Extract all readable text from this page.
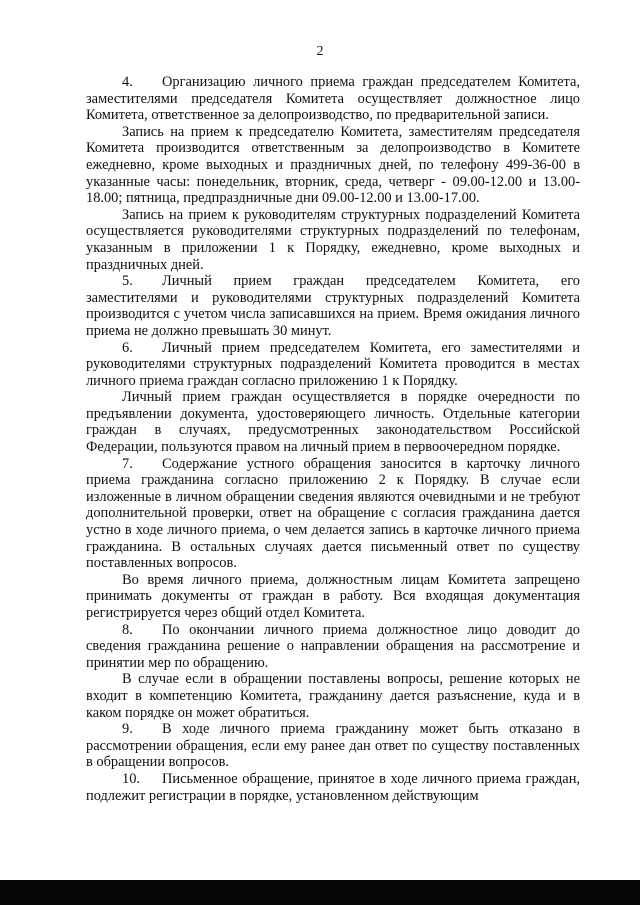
2

4. Организацию личного приема граждан председателем Комитета, заместителями председателя Комитета осуществляет должностное лицо Комитета, ответственное за делопроизводство, по предварительной записи.

Запись на прием к председателю Комитета, заместителям председателя Комитета производится ответственным за делопроизводство в Комитете ежедневно, кроме выходных и праздничных дней, по телефону 499-36-00 в указанные часы: понедельник, вторник, среда, четверг - 09.00-12.00 и 13.00-18.00; пятница, предпраздничные дни 09.00-12.00 и 13.00-17.00.

Запись на прием к руководителям структурных подразделений Комитета осуществляется руководителями структурных подразделений по телефонам, указанным в приложении 1 к Порядку, ежедневно, кроме выходных и праздничных дней.

5. Личный прием граждан председателем Комитета, его заместителями и руководителями структурных подразделений Комитета производится с учетом числа записавшихся на прием. Время ожидания личного приема не должно превышать 30 минут.

6. Личный прием председателем Комитета, его заместителями и руководителями структурных подразделений Комитета проводится в местах личного приема граждан согласно приложению 1 к Порядку.

Личный прием граждан осуществляется в порядке очередности по предъявлении документа, удостоверяющего личность. Отдельные категории граждан в случаях, предусмотренных законодательством Российской Федерации, пользуются правом на личный прием в первоочередном порядке.

7. Содержание устного обращения заносится в карточку личного приема гражданина согласно приложению 2 к Порядку. В случае если изложенные в личном обращении сведения являются очевидными и не требуют дополнительной проверки, ответ на обращение с согласия гражданина дается устно в ходе личного приема, о чем делается запись в карточке личного приема гражданина. В остальных случаях дается письменный ответ по существу поставленных вопросов.

Во время личного приема, должностным лицам Комитета запрещено принимать документы от граждан в работу. Вся входящая документация регистрируется через общий отдел Комитета.

8. По окончании личного приема должностное лицо доводит до сведения гражданина решение о направлении обращения на рассмотрение и принятии мер по обращению.

В случае если в обращении поставлены вопросы, решение которых не входит в компетенцию Комитета, гражданину дается разъяснение, куда и в каком порядке он может обратиться.

9. В ходе личного приема гражданину может быть отказано в рассмотрении обращения, если ему ранее дан ответ по существу поставленных в обращении вопросов.

10. Письменное обращение, принятое в ходе личного приема граждан, подлежит регистрации в порядке, установленном действующим
